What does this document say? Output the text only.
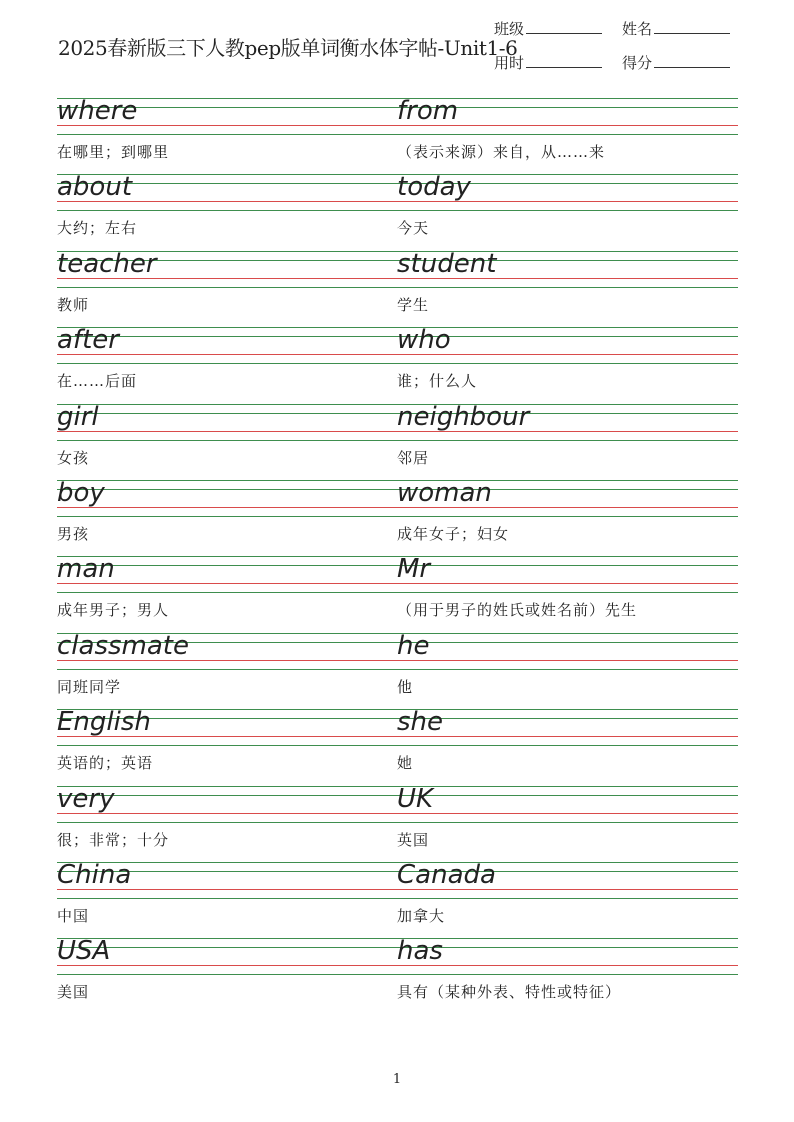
2025春新版三下人教pep版单词衡水体字帖-Unit1-6
班级	姓名
用时	得分
where
在哪里；到哪里
from
（表示来源）来自，从……来
about
大约；左右
today
今天
teacher
教师
student
学生
after
在……后面
who
谁；什么人
girl
女孩
neighbour
邻居
boy
男孩
woman
成年女子；妇女
man
成年男子；男人
Mr
（用于男子的姓氏或姓名前）先生
classmate
同班同学
he
他
English
英语的；英语
she
她
very
很；非常；十分
UK
英国
China
中国
Canada
加拿大
USA
美国
has
具有（某种外表、特性或特征）
1
